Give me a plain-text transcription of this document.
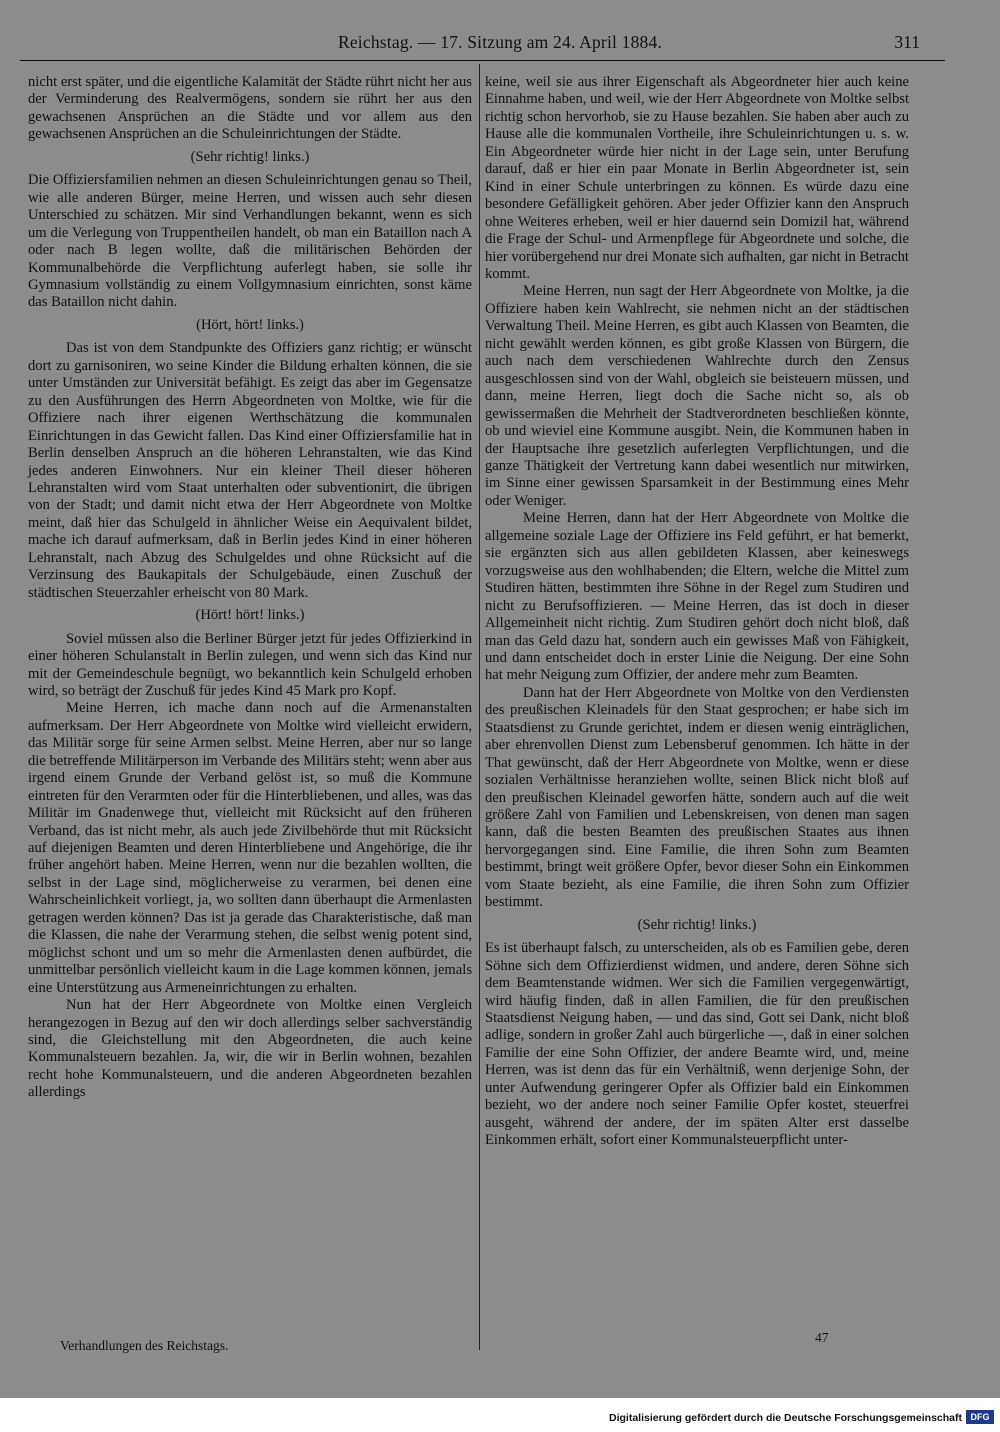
Reichstag. — 17. Sitzung am 24. April 1884.	311

nicht erst später, und die eigentliche Kalamität der Städte rührt nicht her aus der Verminderung des Realvermögens, sondern sie rührt her aus den gewachsenen Ansprüchen an die Städte und vor allem aus den gewachsenen Ansprüchen an die Schuleinrichtungen der Städte.

(Sehr richtig! links.)

Die Offiziersfamilien nehmen an diesen Schuleinrichtungen genau so Theil, wie alle anderen Bürger, meine Herren, und wissen auch sehr diesen Unterschied zu schätzen. Mir sind Verhandlungen bekannt, wenn es sich um die Verlegung von Truppentheilen handelt, ob man ein Bataillon nach A oder nach B legen wollte, daß die militärischen Behörden der Kommunalbehörde die Verpflichtung auferlegt haben, sie solle ihr Gymnasium vollständig zu einem Vollgymnasium einrichten, sonst käme das Bataillon nicht dahin.

(Hört, hört! links.)

Das ist von dem Standpunkte des Offiziers ganz richtig; er wünscht dort zu garnisoniren, wo seine Kinder die Bildung erhalten können, die sie unter Umständen zur Universität befähigt. Es zeigt das aber im Gegensatze zu den Ausführungen des Herrn Abgeordneten von Moltke, wie für die Offiziere nach ihrer eigenen Werthschätzung die kommunalen Einrichtungen in das Gewicht fallen. Das Kind einer Offiziersfamilie hat in Berlin denselben Anspruch an die höheren Lehranstalten, wie das Kind jedes anderen Einwohners. Nur ein kleiner Theil dieser höheren Lehranstalten wird vom Staat unterhalten oder subventionirt, die übrigen von der Stadt; und damit nicht etwa der Herr Abgeordnete von Moltke meint, daß hier das Schulgeld in ähnlicher Weise ein Aequivalent bildet, mache ich darauf aufmerksam, daß in Berlin jedes Kind in einer höheren Lehranstalt, nach Abzug des Schulgeldes und ohne Rücksicht auf die Verzinsung des Baukapitals der Schulgebäude, einen Zuschuß der städtischen Steuerzahler erheischt von 80 Mark.

(Hört! hört! links.)

Soviel müssen also die Berliner Bürger jetzt für jedes Offizierkind in einer höheren Schulanstalt in Berlin zulegen, und wenn sich das Kind nur mit der Gemeindeschule begnügt, wo bekanntlich kein Schulgeld erhoben wird, so beträgt der Zuschuß für jedes Kind 45 Mark pro Kopf.

Meine Herren, ich mache dann noch auf die Armenanstalten aufmerksam. Der Herr Abgeordnete von Moltke wird vielleicht erwidern, das Militär sorge für seine Armen selbst. Meine Herren, aber nur so lange die betreffende Militärperson im Verbande des Militärs steht; wenn aber aus irgend einem Grunde der Verband gelöst ist, so muß die Kommune eintreten für den Verarmten oder für die Hinterbliebenen, und alles, was das Militär im Gnadenwege thut, vielleicht mit Rücksicht auf den früheren Verband, das ist nicht mehr, als auch jede Zivilbehörde thut mit Rücksicht auf diejenigen Beamten und deren Hinterbliebene und Angehörige, die ihr früher angehört haben. Meine Herren, wenn nur die bezahlen wollten, die selbst in der Lage sind, möglicherweise zu verarmen, bei denen eine Wahrscheinlichkeit vorliegt, ja, wo sollten dann überhaupt die Armenlasten getragen werden können? Das ist ja gerade das Charakteristische, daß man die Klassen, die nahe der Verarmung stehen, die selbst wenig potent sind, möglichst schont und um so mehr die Armenlasten denen aufbürdet, die unmittelbar persönlich vielleicht kaum in die Lage kommen können, jemals eine Unterstützung aus Armeneinrichtungen zu erhalten.

Nun hat der Herr Abgeordnete von Moltke einen Vergleich herangezogen in Bezug auf den wir doch allerdings selber sachverständig sind, die Gleichstellung mit den Abgeordneten, die auch keine Kommunalsteuern bezahlen. Ja, wir, die wir in Berlin wohnen, bezahlen recht hohe Kommunalsteuern, und die anderen Abgeordneten bezahlen allerdings

keine, weil sie aus ihrer Eigenschaft als Abgeordneter hier auch keine Einnahme haben, und weil, wie der Herr Abgeordnete von Moltke selbst richtig schon hervorhob, sie zu Hause bezahlen. Sie haben aber auch zu Hause alle die kommunalen Vortheile, ihre Schuleinrichtungen u. s. w. Ein Abgeordneter würde hier nicht in der Lage sein, unter Berufung darauf, daß er hier ein paar Monate in Berlin Abgeordneter ist, sein Kind in einer Schule unterbringen zu können. Es würde dazu eine besondere Gefälligkeit gehören. Aber jeder Offizier kann den Anspruch ohne Weiteres erheben, weil er hier dauernd sein Domizil hat, während die Frage der Schul- und Armenpflege für Abgeordnete und solche, die hier vorübergehend nur drei Monate sich aufhalten, gar nicht in Betracht kommt.

Meine Herren, nun sagt der Herr Abgeordnete von Moltke, ja die Offiziere haben kein Wahlrecht, sie nehmen nicht an der städtischen Verwaltung Theil. Meine Herren, es gibt auch Klassen von Beamten, die nicht gewählt werden können, es gibt große Klassen von Bürgern, die auch nach dem verschiedenen Wahlrechte durch den Zensus ausgeschlossen sind von der Wahl, obgleich sie beisteuern müssen, und dann, meine Herren, liegt doch die Sache nicht so, als ob gewissermaßen die Mehrheit der Stadtverordneten beschließen könnte, ob und wieviel eine Kommune ausgibt. Nein, die Kommunen haben in der Hauptsache ihre gesetzlich auferlegten Verpflichtungen, und die ganze Thätigkeit der Vertretung kann dabei wesentlich nur mitwirken, im Sinne einer gewissen Sparsamkeit in der Bestimmung eines Mehr oder Weniger.

Meine Herren, dann hat der Herr Abgeordnete von Moltke die allgemeine soziale Lage der Offiziere ins Feld geführt, er hat bemerkt, sie ergänzten sich aus allen gebildeten Klassen, aber keineswegs vorzugsweise aus den wohlhabenden; die Eltern, welche die Mittel zum Studiren hätten, bestimmten ihre Söhne in der Regel zum Studiren und nicht zu Berufsoffizieren. — Meine Herren, das ist doch in dieser Allgemeinheit nicht richtig. Zum Studiren gehört doch nicht bloß, daß man das Geld dazu hat, sondern auch ein gewisses Maß von Fähigkeit, und dann entscheidet doch in erster Linie die Neigung. Der eine Sohn hat mehr Neigung zum Offizier, der andere mehr zum Beamten.

Dann hat der Herr Abgeordnete von Moltke von den Verdiensten des preußischen Kleinadels für den Staat gesprochen; er habe sich im Staatsdienst zu Grunde gerichtet, indem er diesen wenig einträglichen, aber ehrenvollen Dienst zum Lebensberuf genommen. Ich hätte in der That gewünscht, daß der Herr Abgeordnete von Moltke, wenn er diese sozialen Verhältnisse heranziehen wollte, seinen Blick nicht bloß auf den preußischen Kleinadel geworfen hätte, sondern auch auf die weit größere Zahl von Familien und Lebenskreisen, von denen man sagen kann, daß die besten Beamten des preußischen Staates aus ihnen hervorgegangen sind. Eine Familie, die ihren Sohn zum Beamten bestimmt, bringt weit größere Opfer, bevor dieser Sohn ein Einkommen vom Staate bezieht, als eine Familie, die ihren Sohn zum Offizier bestimmt.

(Sehr richtig! links.)

Es ist überhaupt falsch, zu unterscheiden, als ob es Familien gebe, deren Söhne sich dem Offizierdienst widmen, und andere, deren Söhne sich dem Beamtenstande widmen. Wer sich die Familien vergegenwärtigt, wird häufig finden, daß in allen Familien, die für den preußischen Staatsdienst Neigung haben, — und das sind, Gott sei Dank, nicht bloß adlige, sondern in großer Zahl auch bürgerliche —, daß in einer solchen Familie der eine Sohn Offizier, der andere Beamte wird, und, meine Herren, was ist denn das für ein Verhältniß, wenn derjenige Sohn, der unter Aufwendung geringerer Opfer als Offizier bald ein Einkommen bezieht, wo der andere noch seiner Familie Opfer kostet, steuerfrei ausgeht, während der andere, der im späten Alter erst dasselbe Einkommen erhält, sofort einer Kommunalsteuerpflicht unter-

Verhandlungen des Reichstags.
47
Digitalisierung gefördert durch die Deutsche Forschungsgemeinschaft DFG
